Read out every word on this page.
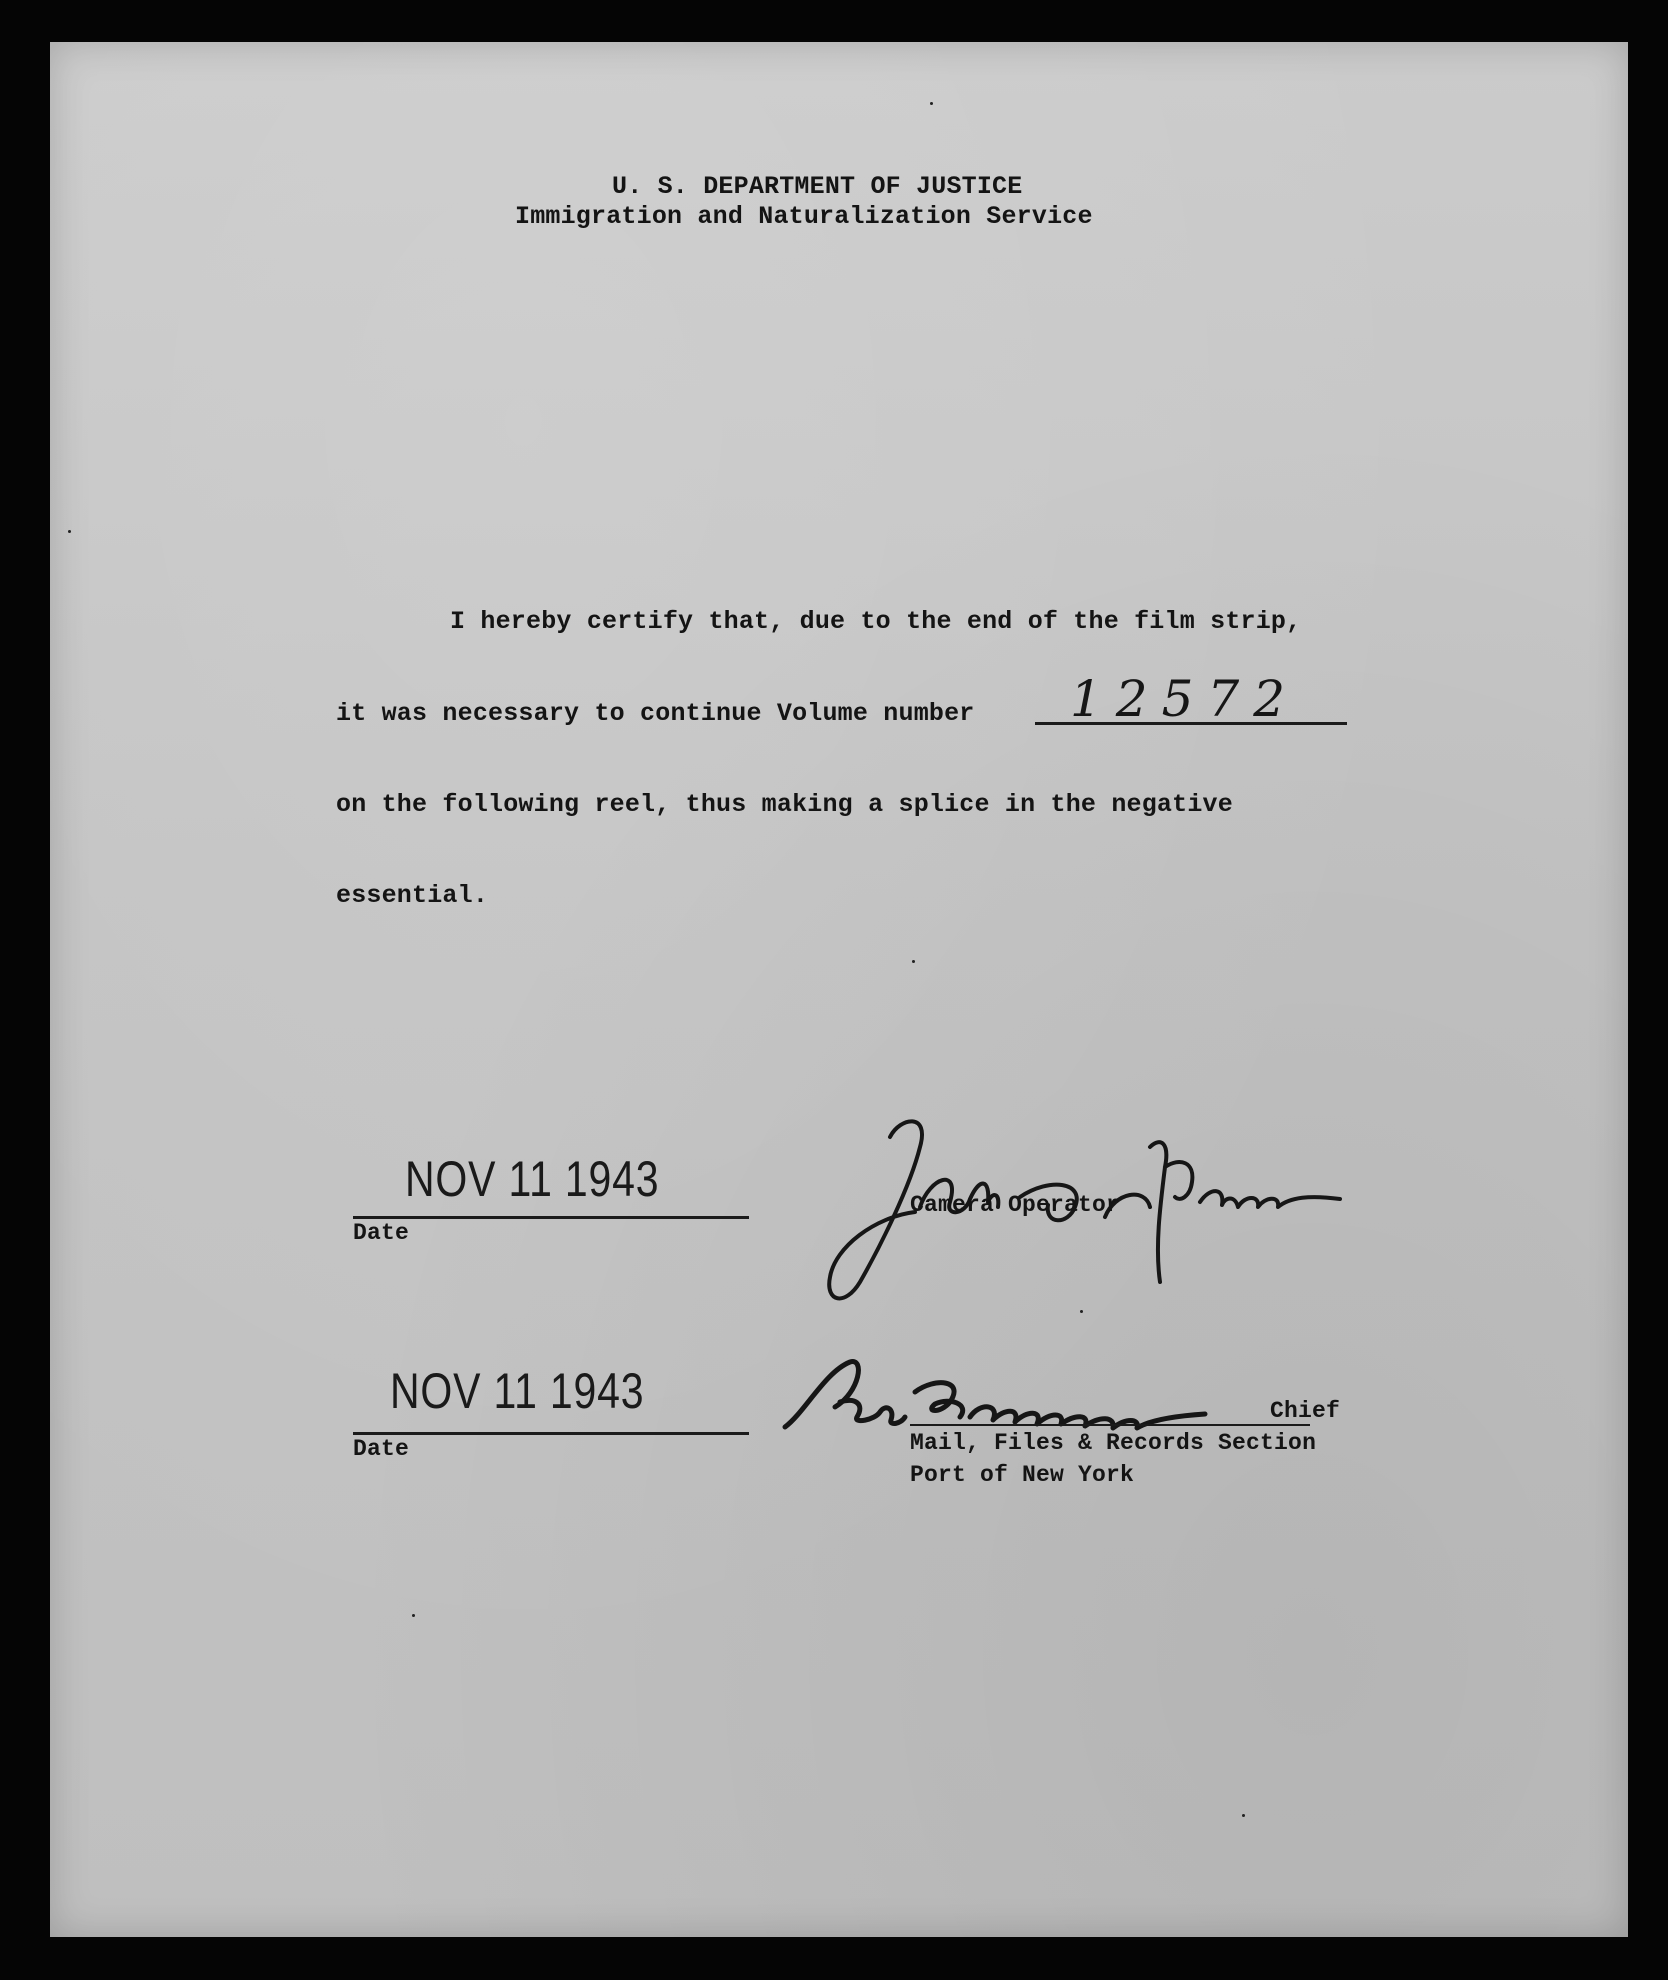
U. S. DEPARTMENT OF JUSTICE
Immigration and Naturalization Service
I hereby certify that, due to the end of the film strip,
it was necessary to continue Volume number 12572
on the following reel, thus making a splice in the negative
essential.
NOV 11 1943
Date
Camera Operator
NOV 11 1943
Date
Chief
Mail, Files & Records Section
Port of New York
